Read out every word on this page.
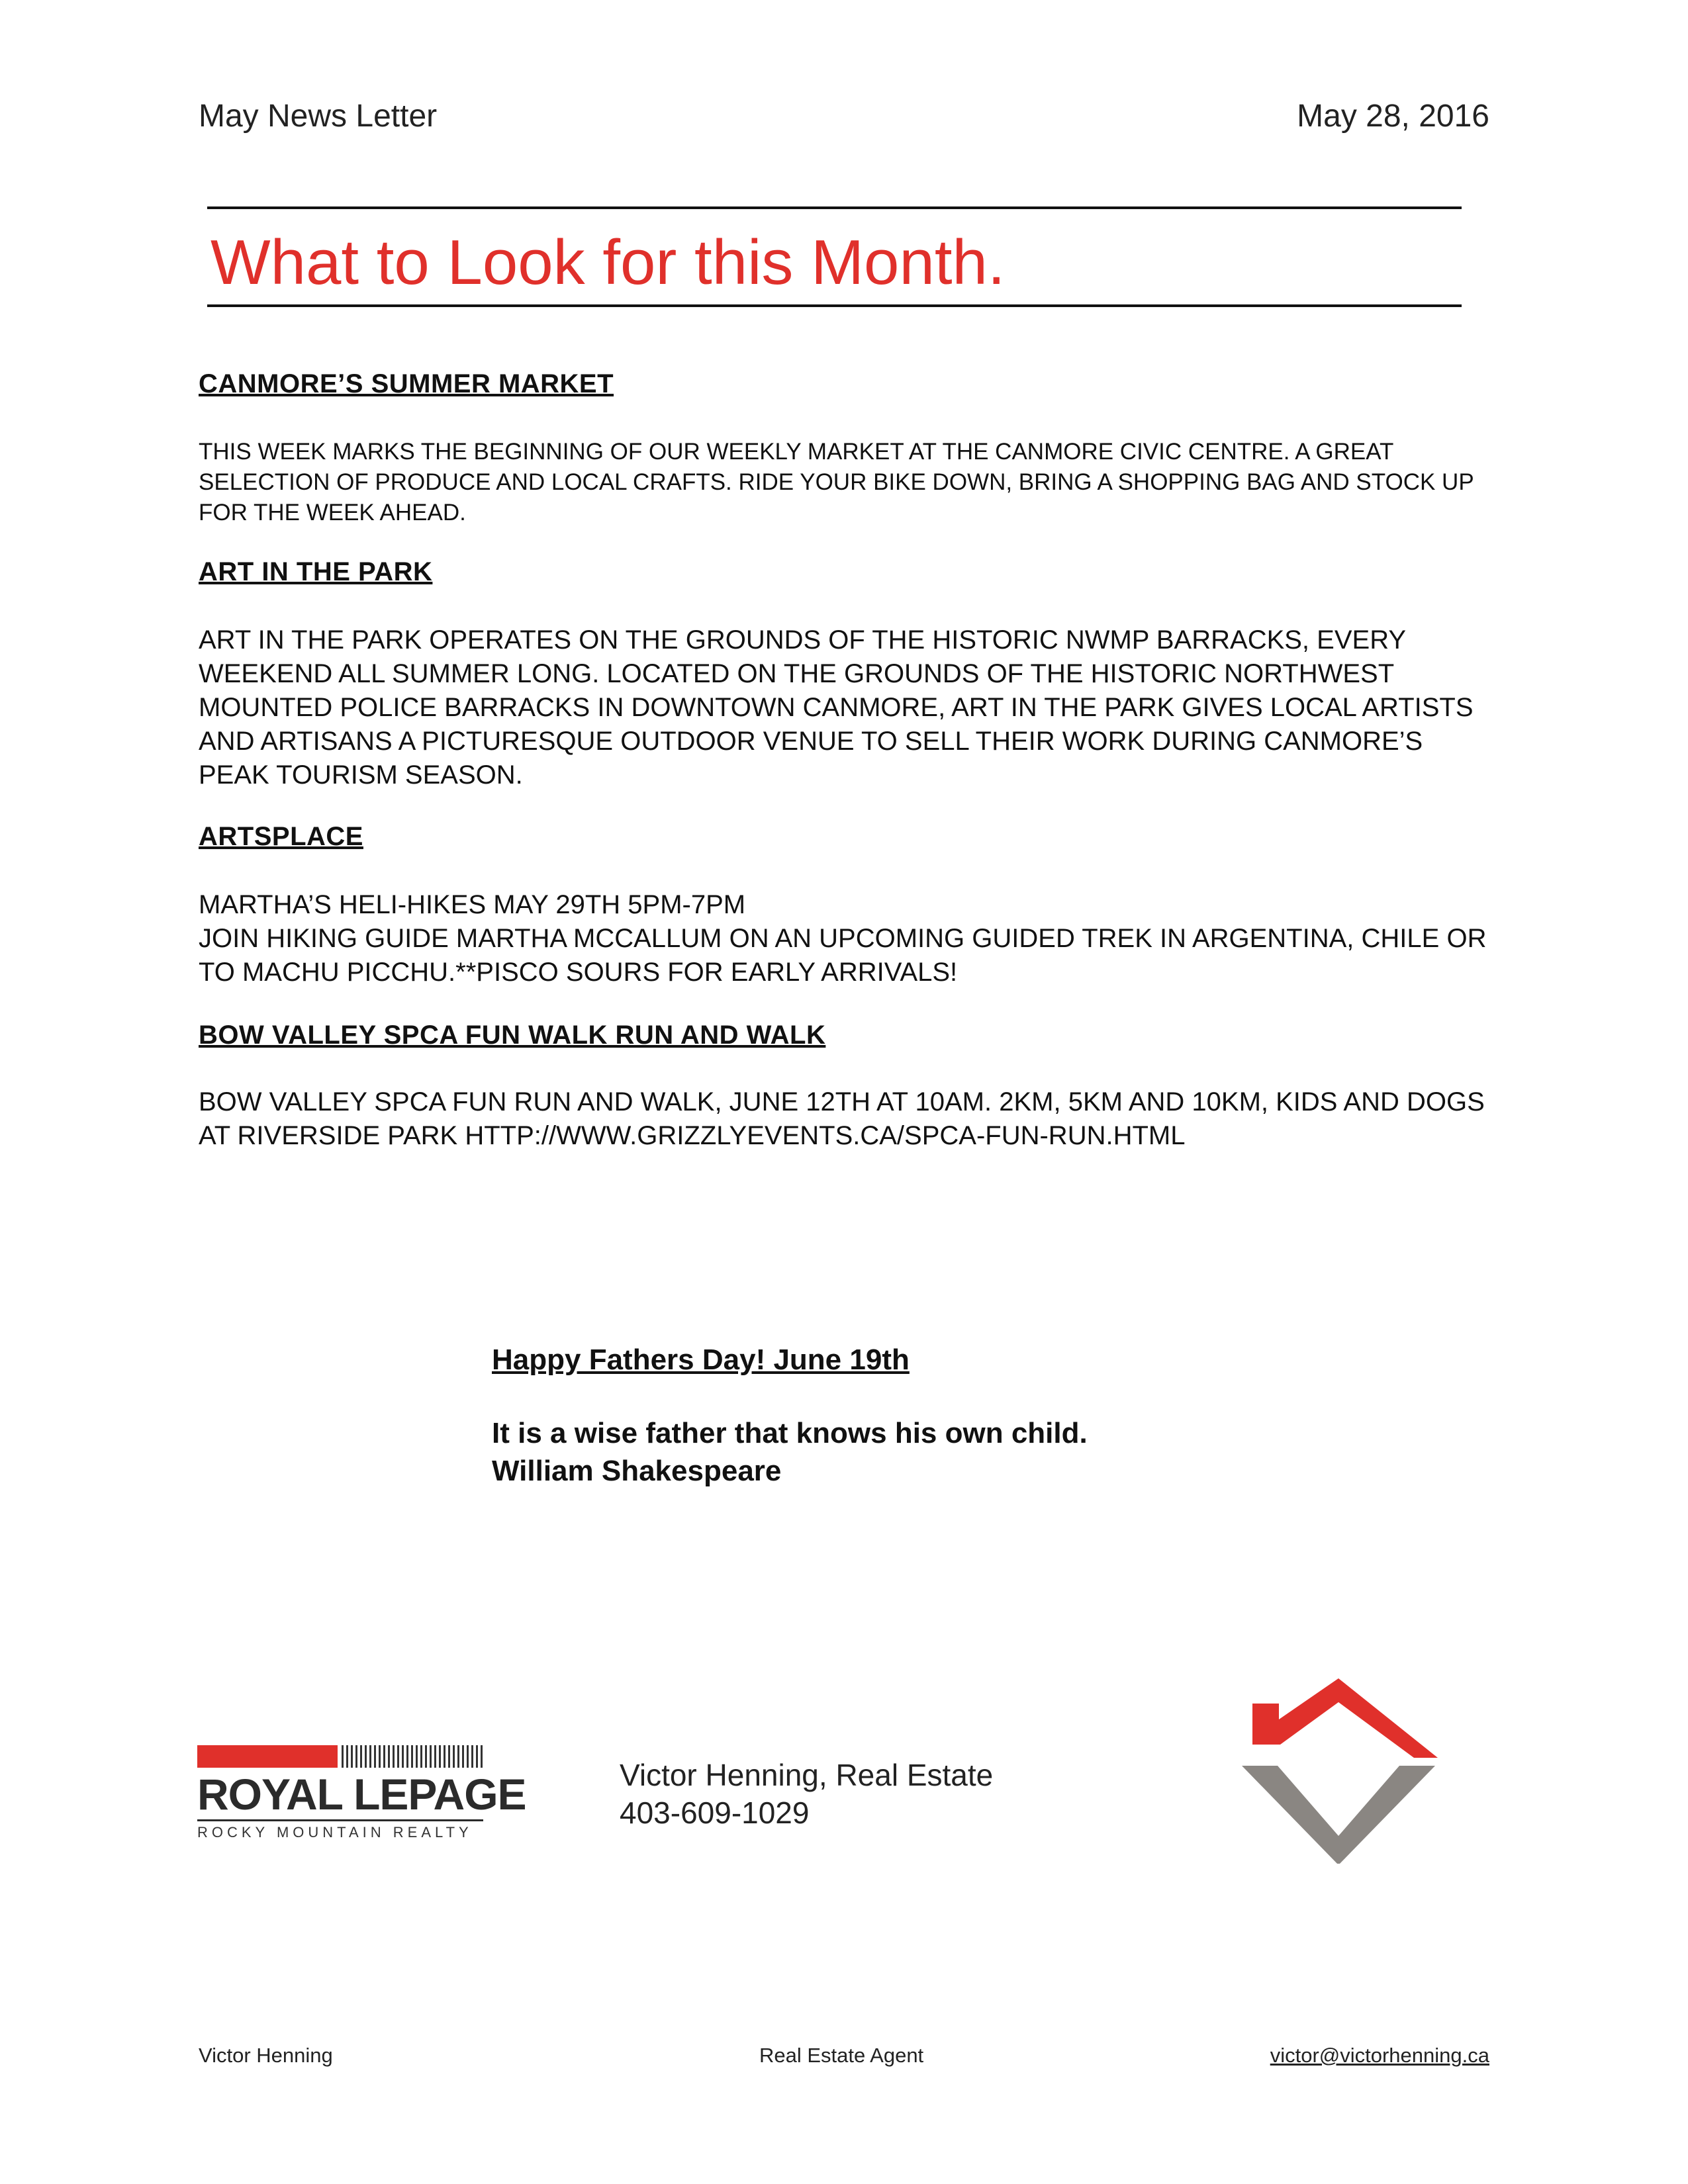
May News Letter	May 28, 2016
What to Look for this Month.
CANMORE’S SUMMER MARKET

THIS WEEK MARKS THE BEGINNING OF OUR WEEKLY MARKET AT THE CANMORE CIVIC CENTRE. A GREAT SELECTION OF PRODUCE AND LOCAL CRAFTS. RIDE YOUR BIKE DOWN, BRING A SHOPPING BAG AND STOCK UP FOR THE WEEK AHEAD.

ART IN THE PARK

ART IN THE PARK OPERATES ON THE GROUNDS OF THE HISTORIC NWMP BARRACKS, EVERY WEEKEND ALL SUMMER LONG. LOCATED ON THE GROUNDS OF THE HISTORIC NORTHWEST MOUNTED POLICE BARRACKS IN DOWNTOWN CANMORE, ART IN THE PARK GIVES LOCAL ARTISTS AND ARTISANS A PICTURESQUE OUTDOOR VENUE TO SELL THEIR WORK DURING CANMORE’S PEAK TOURISM SEASON.

ARTSPLACE

MARTHA’S HELI-HIKES MAY 29TH 5PM-7PM

JOIN HIKING GUIDE MARTHA MCCALLUM ON AN UPCOMING GUIDED TREK IN ARGENTINA, CHILE OR TO MACHU PICCHU.**PISCO SOURS FOR EARLY ARRIVALS!

BOW VALLEY SPCA FUN WALK RUN AND WALK

BOW VALLEY SPCA FUN RUN AND WALK, JUNE 12TH AT 10AM. 2KM, 5KM AND 10KM, KIDS AND DOGS AT RIVERSIDE PARK HTTP://WWW.GRIZZLYEVENTS.CA/SPCA-FUN-RUN.HTML

Happy Fathers Day! June 19th
It is a wise father that knows his own child.
William Shakespeare
ROYAL LEPAGE
ROCKY MOUNTAIN REALTY
Victor Henning, Real Estate
403-609-1029
Victor Henning	Real Estate Agent	victor@victorhenning.ca
